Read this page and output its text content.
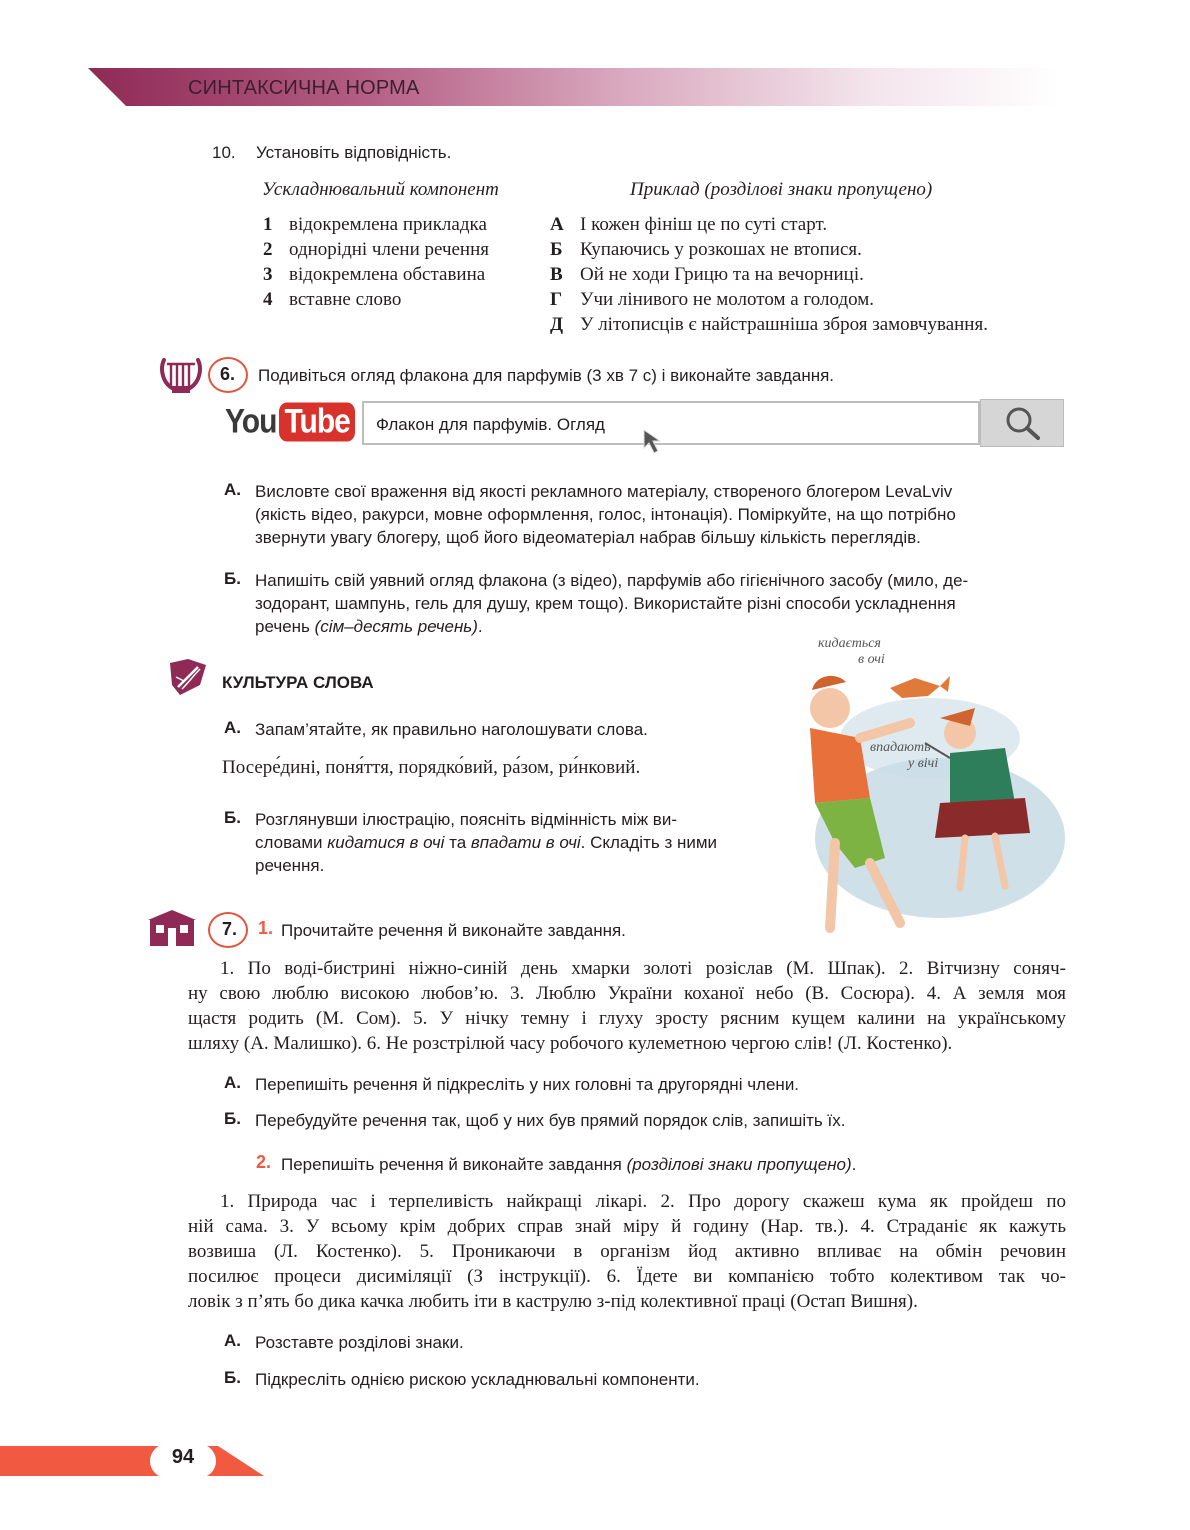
СИНТАКСИЧНА НОРМА
10. Установіть відповідність.
Ускладнювальний компонент	Приклад (розділові знаки пропущено)
1 відокремлена прикладка
2 однорідні члени речення
3 відокремлена обставина
4 вставне слово
А І кожен фініш це по суті старт.
Б Купаючись у розкошах не втопися.
В Ой не ходи Грицю та на вечорниці.
Г Учи лінивого не молотом а голодом.
Д У літописців є найстрашніша зброя замовчування.
6. Подивіться огляд флакона для парфумів (3 хв 7 с) і виконайте завдання.
You Tube Флакон для парфумів. Огляд
А. Висловте свої враження від якості рекламного матеріалу, створеного блогером LevaLviv
(якість відео, ракурси, мовне оформлення, голос, інтонація). Поміркуйте, на що потрібно
звернути увагу блогеру, щоб його відеоматеріал набрав більшу кількість переглядів.
Б. Напишіть свій уявний огляд флакона (з відео), парфумів або гігієнічного засобу (мило, де-
зодорант, шампунь, гель для душу, крем тощо). Використайте різні способи ускладнення
речень (сім–десять речень).
КУЛЬТУРА СЛОВА
А. Запам’ятайте, як правильно наголошувати слова.
Посере́дині, поня́ття, порядко́вий, ра́зом, ри́нковий.
Б. Розглянувши ілюстрацію, поясніть відмінність між ви-
словами кидатися в очі та впадати в очі. Складіть з ними
речення.
кидається
в очі
впадають
у вічі
7. 1. Прочитайте речення й виконайте завдання.
1. По воді-бистрині ніжно-синій день хмарки золоті розіслав (М. Шпак). 2. Вітчизну соняч-
ну свою люблю високою любов’ю. 3. Люблю України коханої небо (В. Сосюра). 4. А земля моя
щастя родить (М. Сом). 5. У нічку темну і глуху зросту рясним кущем калини на українському
шляху (А. Малишко). 6. Не розстрілюй часу робочого кулеметною чергою слів! (Л. Костенко).
А. Перепишіть речення й підкресліть у них головні та другорядні члени.
Б. Перебудуйте речення так, щоб у них був прямий порядок слів, запишіть їх.
2. Перепишіть речення й виконайте завдання (розділові знаки пропущено).
1. Природа час і терпеливість найкращі лікарі. 2. Про дорогу скажеш кума як пройдеш по
ній сама. 3. У всьому крім добрих справ знай міру й годину (Нар. тв.). 4. Страданіє як кажуть
возвиша (Л. Костенко). 5. Проникаючи в організм йод активно впливає на обмін речовин
посилює процеси дисиміляції (З інструкції). 6. Їдете ви компанією тобто колективом так чо-
ловік з п’ять бо дика качка любить іти в каструлю з-під колективної праці (Остап Вишня).
А. Розставте розділові знаки.
Б. Підкресліть однією рискою ускладнювальні компоненти.
94
